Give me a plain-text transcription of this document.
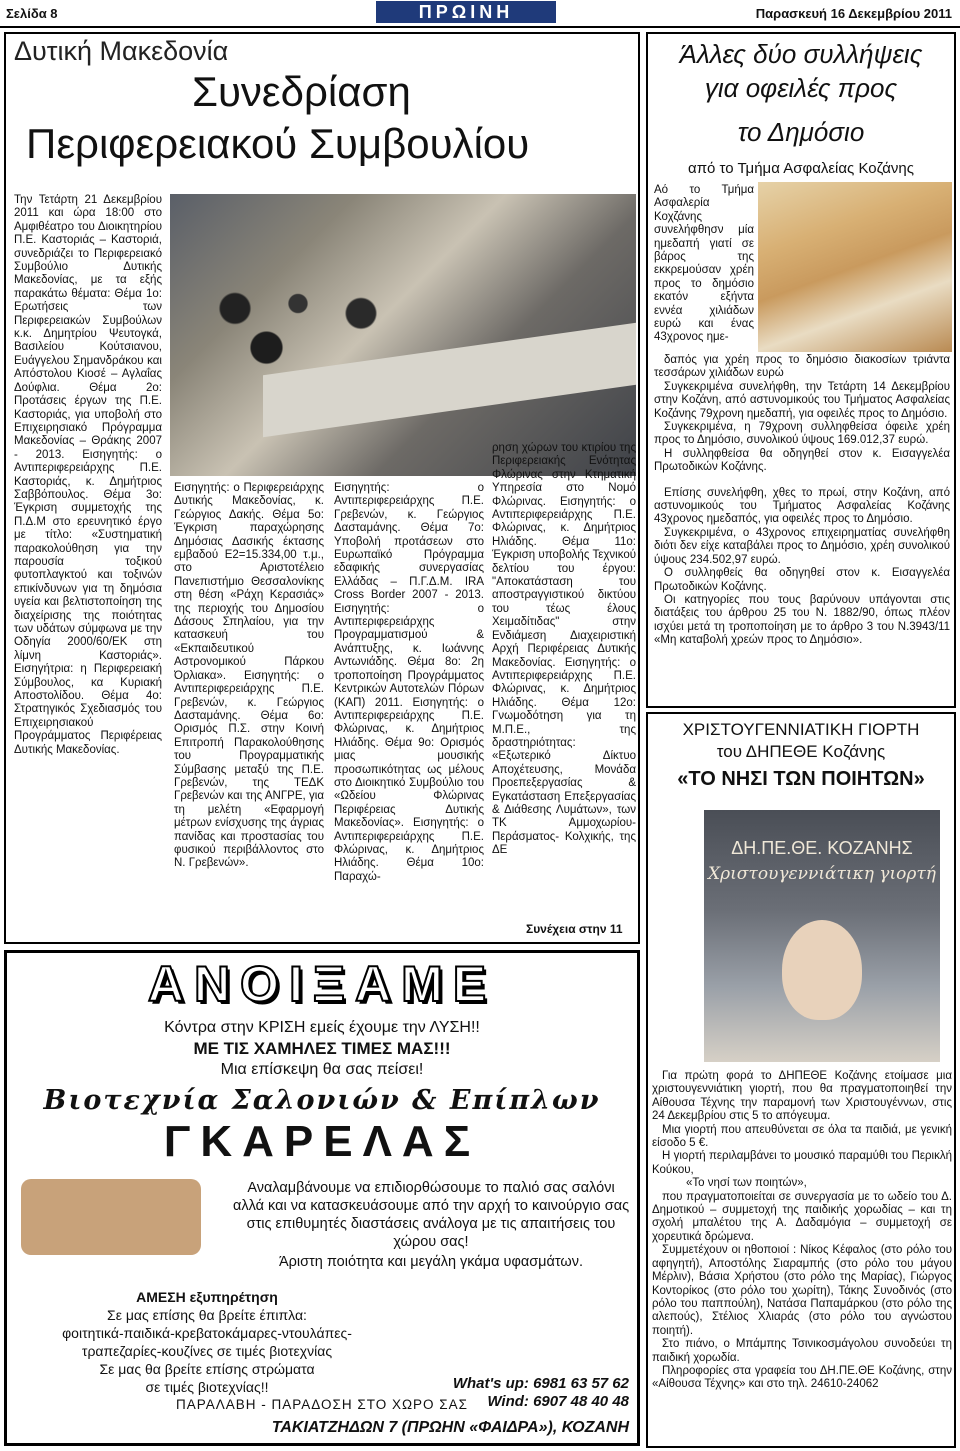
Σελίδα 8	ΠΡΩΙΝΗ	Παρασκευή 16 Δεκεμβρίου 2011
Δυτική Μακεδονία
Συνεδρίαση
Περιφερειακού Συμβουλίου
Την Τετάρτη 21 Δεκεμβρίου 2011 και ώρα 18:00 στο Αμφιθέατρο του Διοικητηρίου Π.Ε. Καστοριάς – Καστοριά, συνεδριάζει το Περιφερειακό Συμβούλιο Δυτικής Μακεδονίας, με τα εξής παρακάτω θέματα: Θέμα 1ο: Ερωτήσεις των Περιφερειακών Συμβούλων κ.κ. Δημητρίου Ψευτογκά, Βασιλείου Κούτσιανου, Ευάγγελου Σημανδράκου και Απόστολου Κιοσέ – Αγλαΐας Δούφλια. Θέμα 2ο: Προτάσεις έργων της Π.Ε. Καστοριάς, για υποβολή στο Επιχειρησιακό Πρόγραμμα Μακεδονίας – Θράκης 2007 - 2013. Εισηγητής: ο Αντιπεριφερειάρχης Π.Ε. Καστοριάς, κ. Δημήτριος Σαββόπουλος. Θέμα 3ο: Έγκριση συμμετοχής της Π.Δ.Μ στο ερευνητικό έργο με τίτλο: «Συστηματική παρακολούθηση για την παρουσία τοξικού φυτοπλαγκτού και τοξινών επικίνδυνων για τη δημόσια υγεία και βελτιστοποίηση της διαχείρισης της ποιότητας των υδάτων σύμφωνα με την Οδηγία 2000/60/ΕΚ στη λίμνη Καστοριάς». Εισηγήτρια: η Περιφερειακή Σύμβουλος, κα Κυριακή Αποστολίδου. Θέμα 4ο: Στρατηγικός Σχεδιασμός του Επιχειρησιακού Προγράμματος Περιφέρειας Δυτικής Μακεδονίας.
Εισηγητής: ο Περιφερειάρχης Δυτικής Μακεδονίας, κ. Γεώργιος Δακής. Θέμα 5ο: Έγκριση παραχώρησης Δημόσιας Δασικής έκτασης εμβαδού Ε2=15.334,00 τ.μ., στο Αριστοτέλειο Πανεπιστήμιο Θεσσαλονίκης στη θέση «Ράχη Κερασιάς» της περιοχής του Δημοσίου Δάσους Σπηλαίου, για την κατασκευή του «Εκπαιδευτικού Αστρονομικού Πάρκου Όρλιακα». Εισηγητής: ο Αντιπεριφερειάρχης Π.Ε. Γρεβενών, κ. Γεώργιος Δασταμάνης. Θέμα 6ο: Ορισμός Π.Σ. στην Κοινή Επιτροπή Παρακολούθησης του Προγραμματικής Σύμβασης μεταξύ της Π.Ε. Γρεβενών, της ΤΕΔΚ Γρεβενών και της ΑΝΓΡΕ, για τη μελέτη «Εφαρμογή μέτρων ενίσχυσης της άγριας πανίδας και προστασίας του φυσικού περιβάλλοντος στο Ν. Γρεβενών».
Εισηγητής: ο Αντιπεριφερειάρχης Π.Ε. Γρεβενών, κ. Γεώργιος Δασταμάνης. Θέμα 7ο: Υποβολή προτάσεων στο Ευρωπαϊκό Πρόγραμμα εδαφικής συνεργασίας Ελλάδας – Π.Γ.Δ.Μ. IRA Cross Border 2007 - 2013. Εισηγητής: ο Αντιπεριφερειάρχης Προγραμματισμού & Ανάπτυξης, κ. Ιωάννης Αντωνιάδης. Θέμα 8ο: 2η τροποποίηση Προγράμματος Κεντρικών Αυτοτελών Πόρων (ΚΑΠ) 2011. Εισηγητής: ο Αντιπεριφερειάρχης Π.Ε. Φλώρινας, κ. Δημήτριος Ηλιάδης. Θέμα 9ο: Ορισμός μιας μουσικής προσωπικότητας ως μέλους στο Διοικητικό Συμβούλιο του «Ωδείου Φλώρινας Περιφέρειας Δυτικής Μακεδονίας». Εισηγητής: ο Αντιπεριφερειάρχης Π.Ε. Φλώρινας, κ. Δημήτριος Ηλιάδης. Θέμα 10ο: Παραχώ-
ρηση χώρων του κτιρίου της Περιφερειακής Ενότητας Φλώρινας στην Κτηματική Υπηρεσία στο Νομό Φλώρινας. Εισηγητής: ο Αντιπεριφερειάρχης Π.Ε. Φλώρινας, κ. Δημήτριος Ηλιάδης. Θέμα 11ο: Έγκριση υποβολής Τεχνικού δελτίου του έργου: "Αποκατάσταση του αποστραγγιστικού δικτύου του τέως έλους Χειμαδίτιδας" στην Ενδιάμεση Διαχειριστική Αρχή Περιφέρειας Δυτικής Μακεδονίας. Εισηγητής: ο Αντιπεριφερειάρχης Π.Ε. Φλώρινας, κ. Δημήτριος Ηλιάδης. Θέμα 12ο: Γνωμοδότηση για τη Μ.Π.Ε., της δραστηριότητας: «Εξωτερικό Δίκτυο Αποχέτευσης, Μονάδα Προεπεξεργασίας & Εγκατάσταση Επεξεργασίας & Διάθεσης Λυμάτων», των ΤΚ Αμμοχωρίου- Περάσματος- Κολχικής, της ΔΕ
Συνέχεια στην 11
Άλλες δύο συλλήψεις
για οφειλές προς
το Δημόσιο
από το Τμήμα Ασφαλείας Κοζάνης
Αό το Τμήμα Ασφαλερία Κοχζάνης συνελήφθησν μία ημεδαπή γιατί σε βάρος της εκκρεμούσαν χρέη προς το δημόσιο εκατόν εξήντα εννέα χιλιάδων ευρώ και ένας 43χρονος ημε-

δαπός για χρέη προς το δημόσιο διακοσίων τριάντα τεσσάρων χιλιάδων ευρώ

Συγκεκριμένα συνελήφθη, την Τετάρτη 14 Δεκεμβρίου στην Κοζάνη, από αστυνομικούς του Τμήματος Ασφαλείας Κοζάνης 79χρονη ημεδαπή, για οφειλές προς το Δημόσιο.

Συγκεκριμένα, η 79χρονη συλληφθείσα όφειλε χρέη προς το Δημόσιο, συνολικού ύψους 169.012,37 ευρώ.

Η συλληφθείσα θα οδηγηθεί στον κ. Εισαγγελέα Πρωτοδικών Κοζάνης.

Επίσης συνελήφθη, χθες το πρωί, στην Κοζάνη, από αστυνομικούς του Τμήματος Ασφαλείας Κοζάνης 43χρονος ημεδαπός, για οφειλές προς το Δημόσιο.

Συγκεκριμένα, ο 43χρονος επιχειρηματίας συνελήφθη διότι δεν είχε καταβάλει προς το Δημόσιο, χρέη συνολικού ύψους 234.502,97 ευρώ.

Ο συλληφθείς θα οδηγηθεί στον κ. Εισαγγελέα Πρωτοδικών Κοζάνης.

Οι κατηγορίες που τους βαρύνουν υπάγονται στις διατάξεις του άρθρου 25 του Ν. 1882/90, όπως πλέον ισχύει μετά τη τροποποίηση με το άρθρο 3 του Ν.3943/11 «Μη καταβολή χρεών προς το Δημόσιο».

ΧΡΙΣΤΟΥΓΕΝΝΙΑΤΙΚΗ ΓΙΟΡΤΗ
του ΔΗΠΕΘΕ Κοζάνης
«ΤΟ ΝΗΣΙ ΤΩΝ ΠΟΙΗΤΩΝ»
ΔΗ.ΠΕ.ΘΕ. ΚΟΖΑΝΗΣ
Χριστουγεννιάτικη γιορτή

Για πρώτη φορά το ΔΗΠΕΘΕ Κοζάνης ετοίμασε μια χριστουγεννιάτικη γιορτή, που θα πραγματοποιηθεί την Αίθουσα Τέχνης την παραμονή των Χριστουγέννων, στις 24 Δεκεμβρίου στις 5 το απόγευμα.

Μια γιορτή που απευθύνεται σε όλα τα παιδιά, με γενική είσοδο 5 €.

Η γιορτή περιλαμβάνει το μουσικό παραμύθι του Περικλή Κούκου,

«Το νησί των ποιητών»,

που πραγματοποιείται σε συνεργασία με το ωδείο του Δ. Δημοτικού – συμμετοχή της παιδικής χορωδίας – και τη σχολή μπαλέτου της Α. Δαδαμόγια – συμμετοχή σε χορευτικά δρώμενα.

Συμμετέχουν οι ηθοποιοί : Νίκος Κέφαλος (στο ρόλο του αφηγητή), Αποστόλης Σιαραμπής (στο ρόλο του μάγου Μέρλιν), Βάσια Χρήστου (στο ρόλο της Μαρίας), Γιώργος Κοντορίκος (στο ρόλο του χωρίτη), Τάκης Συνοδινός (στο ρόλο του παππούλη), Νατάσα Παπαμάρκου (στο ρόλο της αλεπούς), Στέλιος Χλιαράς (στο ρόλο του αγνώστου ποιητή).

Στο πιάνο, ο Μπάμπης Τσινικοσμάγολου συνοδεύει τη παιδική χορωδία.

Πληροφορίες στα γραφεία του ΔΗ.ΠΕ.ΘΕ Κοζάνης, στην «Αίθουσα Τέχνης» και στο τηλ. 24610-24062

ΑΝΟΙΞΑΜΕ
Κόντρα στην ΚΡΙΣΗ εμείς έχουμε την ΛΥΣΗ!!
ΜΕ ΤΙΣ ΧΑΜΗΛΕΣ ΤΙΜΕΣ ΜΑΣ!!!
Μια επίσκεψη θα σας πείσει!
Βιοτεχνία Σαλονιών & Επίπλων
ΓΚΑΡΕΛΑΣ
Αναλαμβάνουμε να επιδιορθώσουμε το παλιό σας σαλόνι αλλά και να κατασκευάσουμε από την αρχή το καινούργιο σας στις επιθυμητές διαστάσεις ανάλογα με τις απαιτήσεις του χώρου σας!
Άριστη ποιότητα και μεγάλη γκάμα υφασμάτων.
ΑΜΕΣΗ εξυπηρέτηση
Σε μας επίσης θα βρείτε έπιπλα:
φοιτητικά-παιδικά-κρεβατοκάμαρες-ντουλάπες-
τραπεζαρίες-κουζίνες σε τιμές βιοτεχνίας
Σε μας θα βρείτε επίσης στρώματα
σε τιμές βιοτεχνίας!!
ΠΑΡΑΛΑΒΗ - ΠΑΡΑΔΟΣΗ ΣΤΟ ΧΩΡΟ ΣΑΣ
What's up: 6981 63 57 62
Wind: 6907 48 40 48
ΤΑΚΙΑΤΖΗΔΩΝ 7 (ΠΡΩΗΝ «ΦΑΙΔΡΑ»), ΚΟΖΑΝΗ
